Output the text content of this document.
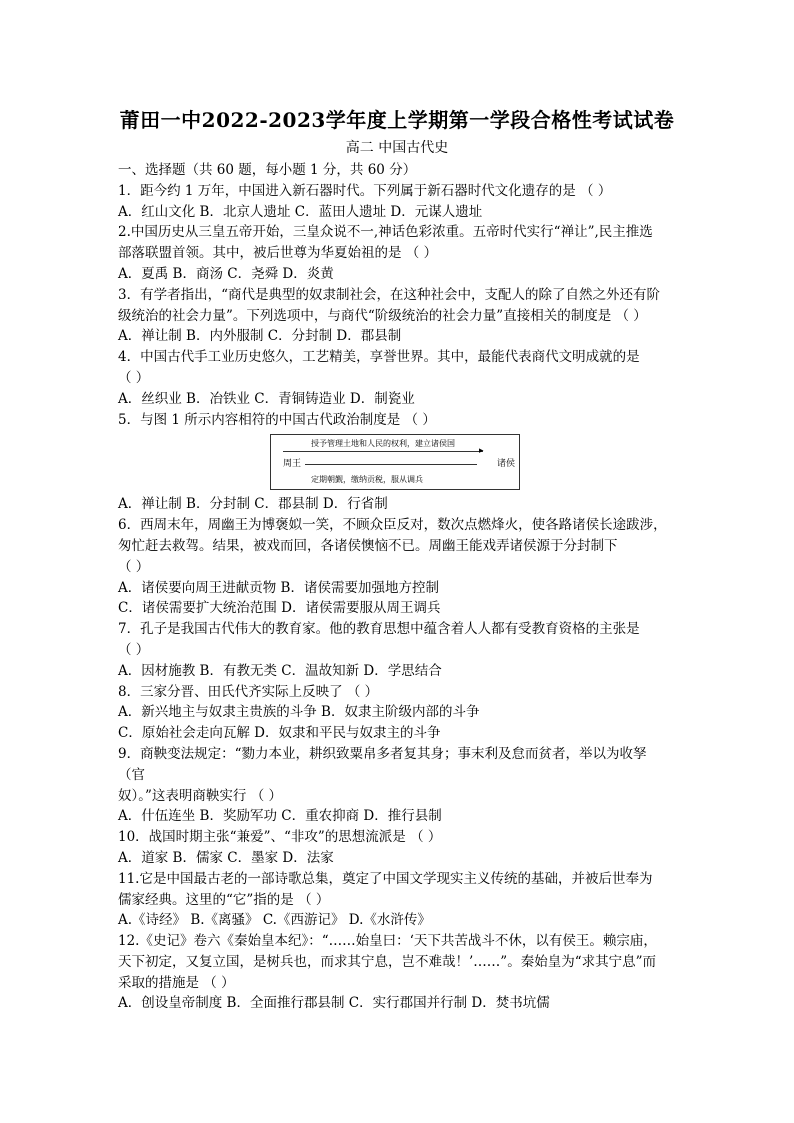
莆田一中2022-2023学年度上学期第一学段合格性考试试卷
高二 中国古代史
一、选择题（共 60 题，每小题 1 分，共 60 分）
1．距今约 1 万年，中国进入新石器时代。下列属于新石器时代文化遗存的是 （ ）
A．红山文化 B．北京人遗址 C．蓝田人遗址 D．元谋人遗址
2.中国历史从三皇五帝开始，三皇众说不一,神话色彩浓重。五帝时代实行“禅让”,民主推选
部落联盟首领。其中，被后世尊为华夏始祖的是 （ ）
A．夏禹 B．商汤 C．尧舜 D．炎黄
3．有学者指出，“商代是典型的奴隶制社会，在这种社会中，支配人的除了自然之外还有阶
级统治的社会力量”。下列选项中，与商代“阶级统治的社会力量”直接相关的制度是 （ ）
A．禅让制 B．内外服制 C．分封制 D．郡县制
4．中国古代手工业历史悠久，工艺精美，享誉世界。其中，最能代表商代文明成就的是
（ ）
A．丝织业 B．冶铁业 C．青铜铸造业 D．制瓷业
5．与图 1 所示内容相符的中国古代政治制度是 （ ）
授予管理土地和人民的权利，建立诸侯国
▸
周王	诸侯
定期朝觐，缴纳贡税，服从调兵
A．禅让制 B．分封制 C．郡县制 D．行省制
6．西周末年，周幽王为博褒姒一笑，不顾众臣反对，数次点燃烽火，使各路诸侯长途跋涉，
匆忙赶去救驾。结果，被戏而回，各诸侯懊恼不已。周幽王能戏弄诸侯源于分封制下
（ ）
A．诸侯要向周王进献贡物 B．诸侯需要加强地方控制
C．诸侯需要扩大统治范围 D．诸侯需要服从周王调兵
7．孔子是我国古代伟大的教育家。他的教育思想中蕴含着人人都有受教育资格的主张是
（ ）
A．因材施教 B．有教无类 C．温故知新 D．学思结合
8．三家分晋、田氏代齐实际上反映了 （ ）
A．新兴地主与奴隶主贵族的斗争 B．奴隶主阶级内部的斗争
C．原始社会走向瓦解 D．奴隶和平民与奴隶主的斗争
9．商鞅变法规定：“勠力本业，耕织致粟帛多者复其身；事末利及怠而贫者，举以为收孥
（官
奴）。”这表明商鞅实行 （ ）
A．什伍连坐 B．奖励军功 C．重农抑商 D．推行县制
10．战国时期主张“兼爱”、“非攻”的思想流派是 （ ）
A．道家 B．儒家 C．墨家 D．法家
11.它是中国最古老的一部诗歌总集，奠定了中国文学现实主义传统的基础，并被后世奉为
儒家经典。这里的“它”指的是 （ ）
A.《诗经》 B.《离骚》 C.《西游记》 D.《水浒传》
12.《史记》卷六《秦始皇本纪》：“……始皇曰：‘天下共苦战斗不休，以有侯王。赖宗庙，
天下初定，又复立国，是树兵也，而求其宁息，岂不难哉！’……”。秦始皇为“求其宁息”而
采取的措施是 （ ）
A．创设皇帝制度 B．全面推行郡县制 C．实行郡国并行制 D．焚书坑儒
